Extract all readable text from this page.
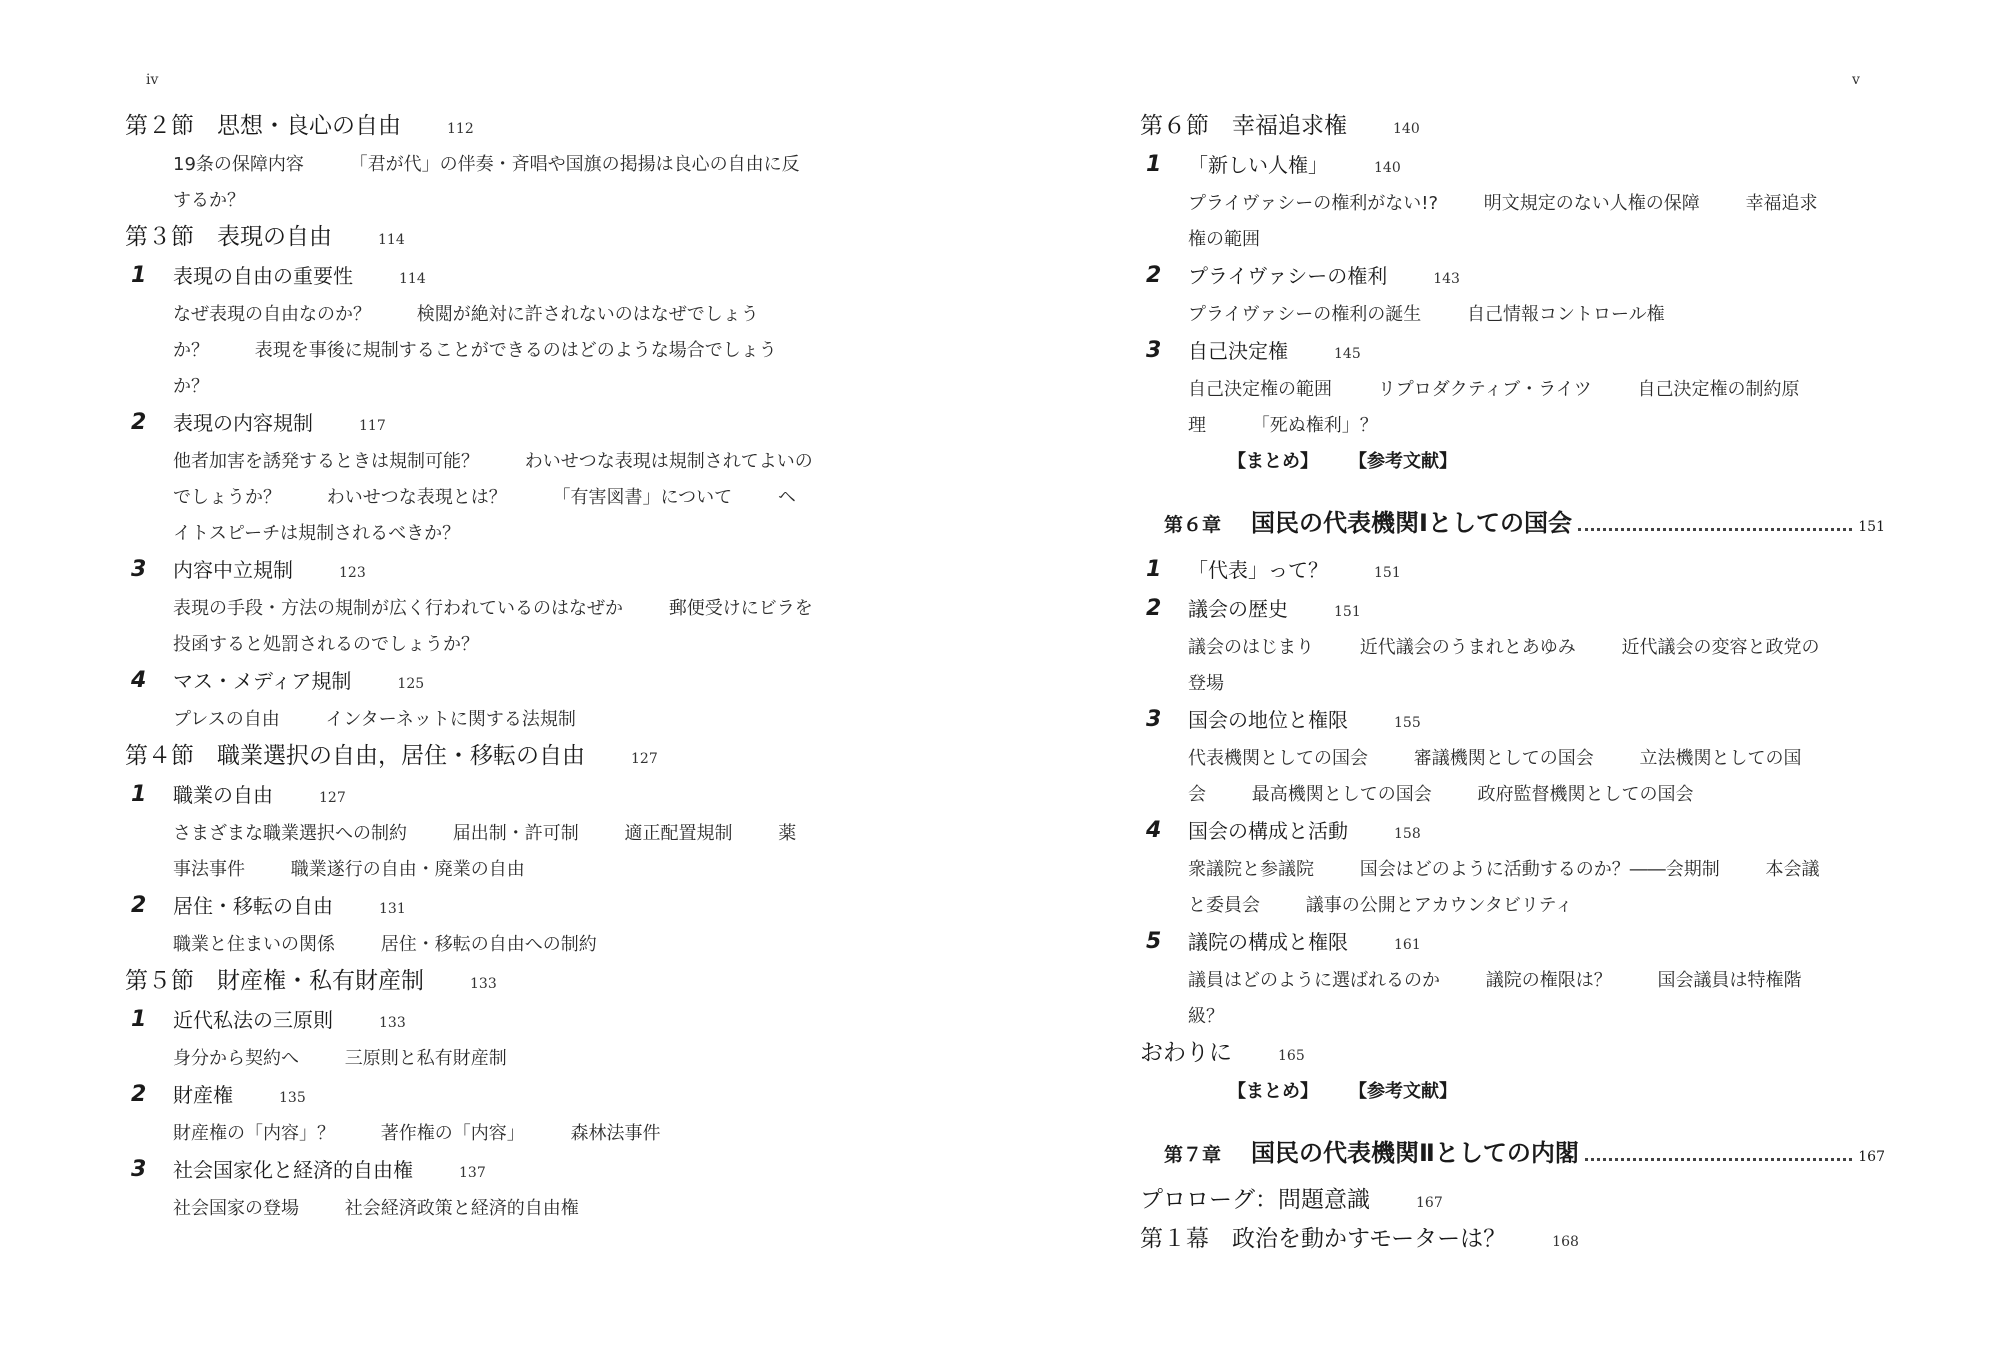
iv
第２節　思想・良心の自由	112
19条の保障内容	「君が代」の伴奏・斉唱や国旗の掲揚は良心の自由に反するか？
第３節　表現の自由	114
1 表現の自由の重要性	114
なぜ表現の自由なのか？	検閲が絶対に許されないのはなぜでしょうか？	表現を事後に規制することができるのはどのような場合でしょうか？
2 表現の内容規制	117
他者加害を誘発するときは規制可能？	わいせつな表現は規制されてよいのでしょうか？	わいせつな表現とは？	「有害図書」について	ヘイトスピーチは規制されるべきか？
3 内容中立規制	123
表現の手段・方法の規制が広く行われているのはなぜか	郵便受けにビラを投函すると処罰されるのでしょうか？
4 マス・メディア規制	125
プレスの自由	インターネットに関する法規制
第４節　職業選択の自由，居住・移転の自由	127
1 職業の自由	127
さまざまな職業選択への制約	届出制・許可制	適正配置規制	薬事法事件	職業遂行の自由・廃業の自由
2 居住・移転の自由	131
職業と住まいの関係	居住・移転の自由への制約
第５節　財産権・私有財産制	133
1 近代私法の三原則	133
身分から契約へ	三原則と私有財産制
2 財産権	135
財産権の「内容」？	著作権の「内容」	森林法事件
3 社会国家化と経済的自由権	137
社会国家の登場	社会経済政策と経済的自由権
v
第６節　幸福追求権	140
1 「新しい人権」	140
プライヴァシーの権利がない!?	明文規定のない人権の保障	幸福追求権の範囲
2 プライヴァシーの権利	143
プライヴァシーの権利の誕生	自己情報コントロール権
3 自己決定権	145
自己決定権の範囲	リプロダクティブ・ライツ	自己決定権の制約原理	「死ぬ権利」？
【まとめ】 【参考文献】
第６章 国民の代表機関Ⅰとしての国会	151
1 「代表」って？	151
2 議会の歴史	151
議会のはじまり	近代議会のうまれとあゆみ	近代議会の変容と政党の登場
3 国会の地位と権限	155
代表機関としての国会	審議機関としての国会	立法機関としての国会	最高機関としての国会	政府監督機関としての国会
4 国会の構成と活動	158
衆議院と参議院	国会はどのように活動するのか？――会期制	本会議と委員会	議事の公開とアカウンタビリティ
5 議院の構成と権限	161
議員はどのように選ばれるのか	議院の権限は？	国会議員は特権階級？
おわりに	165
【まとめ】 【参考文献】
第７章 国民の代表機関Ⅱとしての内閣	167
プロローグ：問題意識	167
第１幕　政治を動かすモーターは？	168
